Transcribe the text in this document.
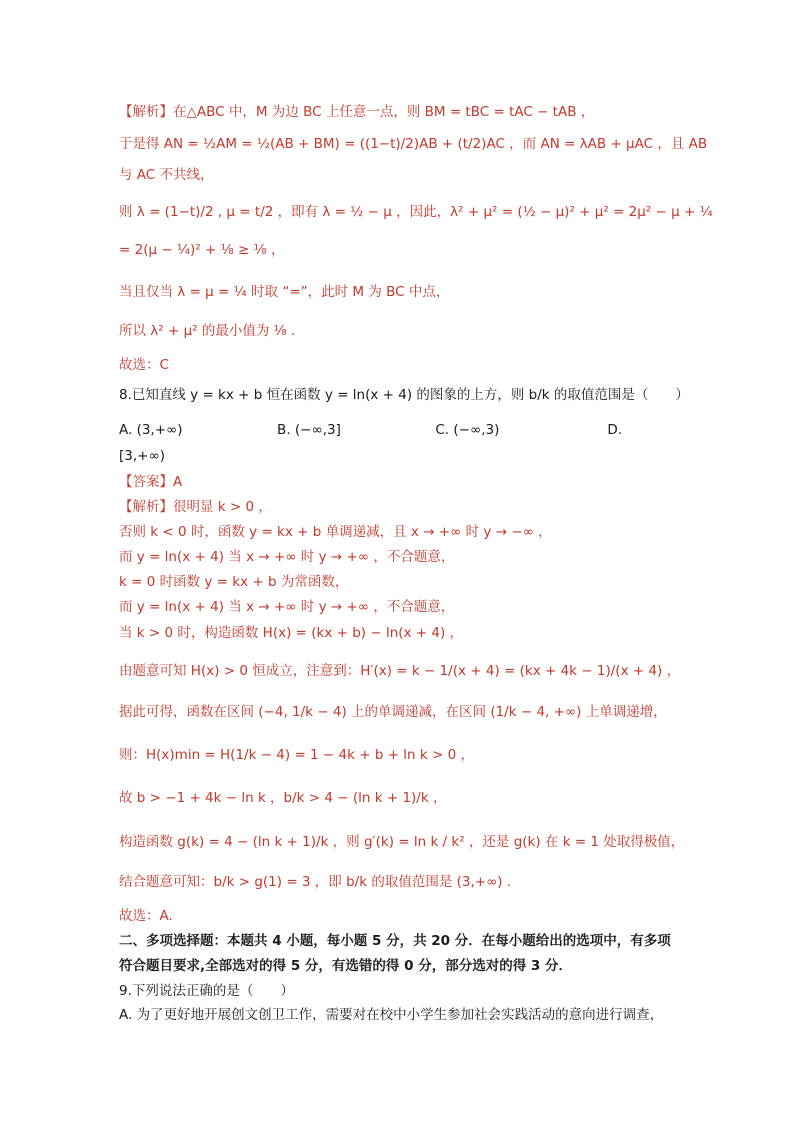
【解析】在△ABC 中，M 为边 BC 上任意一点，则 BM = tBC = tAC − tAB ，
于是得 AN = ½AM = ½(AB + BM) = ((1−t)/2)AB + (t/2)AC ，而 AN = λAB + μAC ，且 AB
与 AC 不共线，
则 λ = (1−t)/2 , μ = t/2 ，即有 λ = ½ − μ ，因此，λ² + μ² = (½ − μ)² + μ² = 2μ² − μ + ¼
= 2(μ − ¼)² + ⅛ ≥ ⅛ ，
当且仅当 λ = μ = ¼ 时取 “=”，此时 M 为 BC 中点，
所以 λ² + μ² 的最小值为 ⅛ .
故选：C
8.已知直线 y = kx + b 恒在函数 y = ln(x + 4) 的图象的上方，则 b/k 的取值范围是（　　）
A. (3,+∞)　　　　　　　B. (−∞,3]　　　　　　　C. (−∞,3)　　　　　　　　D.
[3,+∞)
【答案】A
【解析】很明显 k > 0 ，
否则 k < 0 时，函数 y = kx + b 单调递减，且 x → +∞ 时 y → −∞ ，
而 y = ln(x + 4) 当 x → +∞ 时 y → +∞ ，不合题意，
k = 0 时函数 y = kx + b 为常函数，
而 y = ln(x + 4) 当 x → +∞ 时 y → +∞ ，不合题意，
当 k > 0 时，构造函数 H(x) = (kx + b) − ln(x + 4) ，
由题意可知 H(x) > 0 恒成立，注意到：H′(x) = k − 1/(x + 4) = (kx + 4k − 1)/(x + 4) ，
据此可得，函数在区间 (−4, 1/k − 4) 上的单调递减，在区间 (1/k − 4, +∞) 上单调递增，
则：H(x)min = H(1/k − 4) = 1 − 4k + b + ln k > 0 ，
故 b > −1 + 4k − ln k ，b/k > 4 − (ln k + 1)/k ，
构造函数 g(k) = 4 − (ln k + 1)/k ，则 g′(k) = ln k / k² ，还是 g(k) 在 k = 1 处取得极值，
结合题意可知：b/k > g(1) = 3 ，即 b/k 的取值范围是 (3,+∞) .
故选：A.
二、多项选择题：本题共 4 小题，每小题 5 分，共 20 分．在每小题给出的选项中，有多项
符合题目要求,全部选对的得 5 分，有选错的得 0 分，部分选对的得 3 分．
9.下列说法正确的是（　　）
A. 为了更好地开展创文创卫工作，需要对在校中小学生参加社会实践活动的意向进行调查，
